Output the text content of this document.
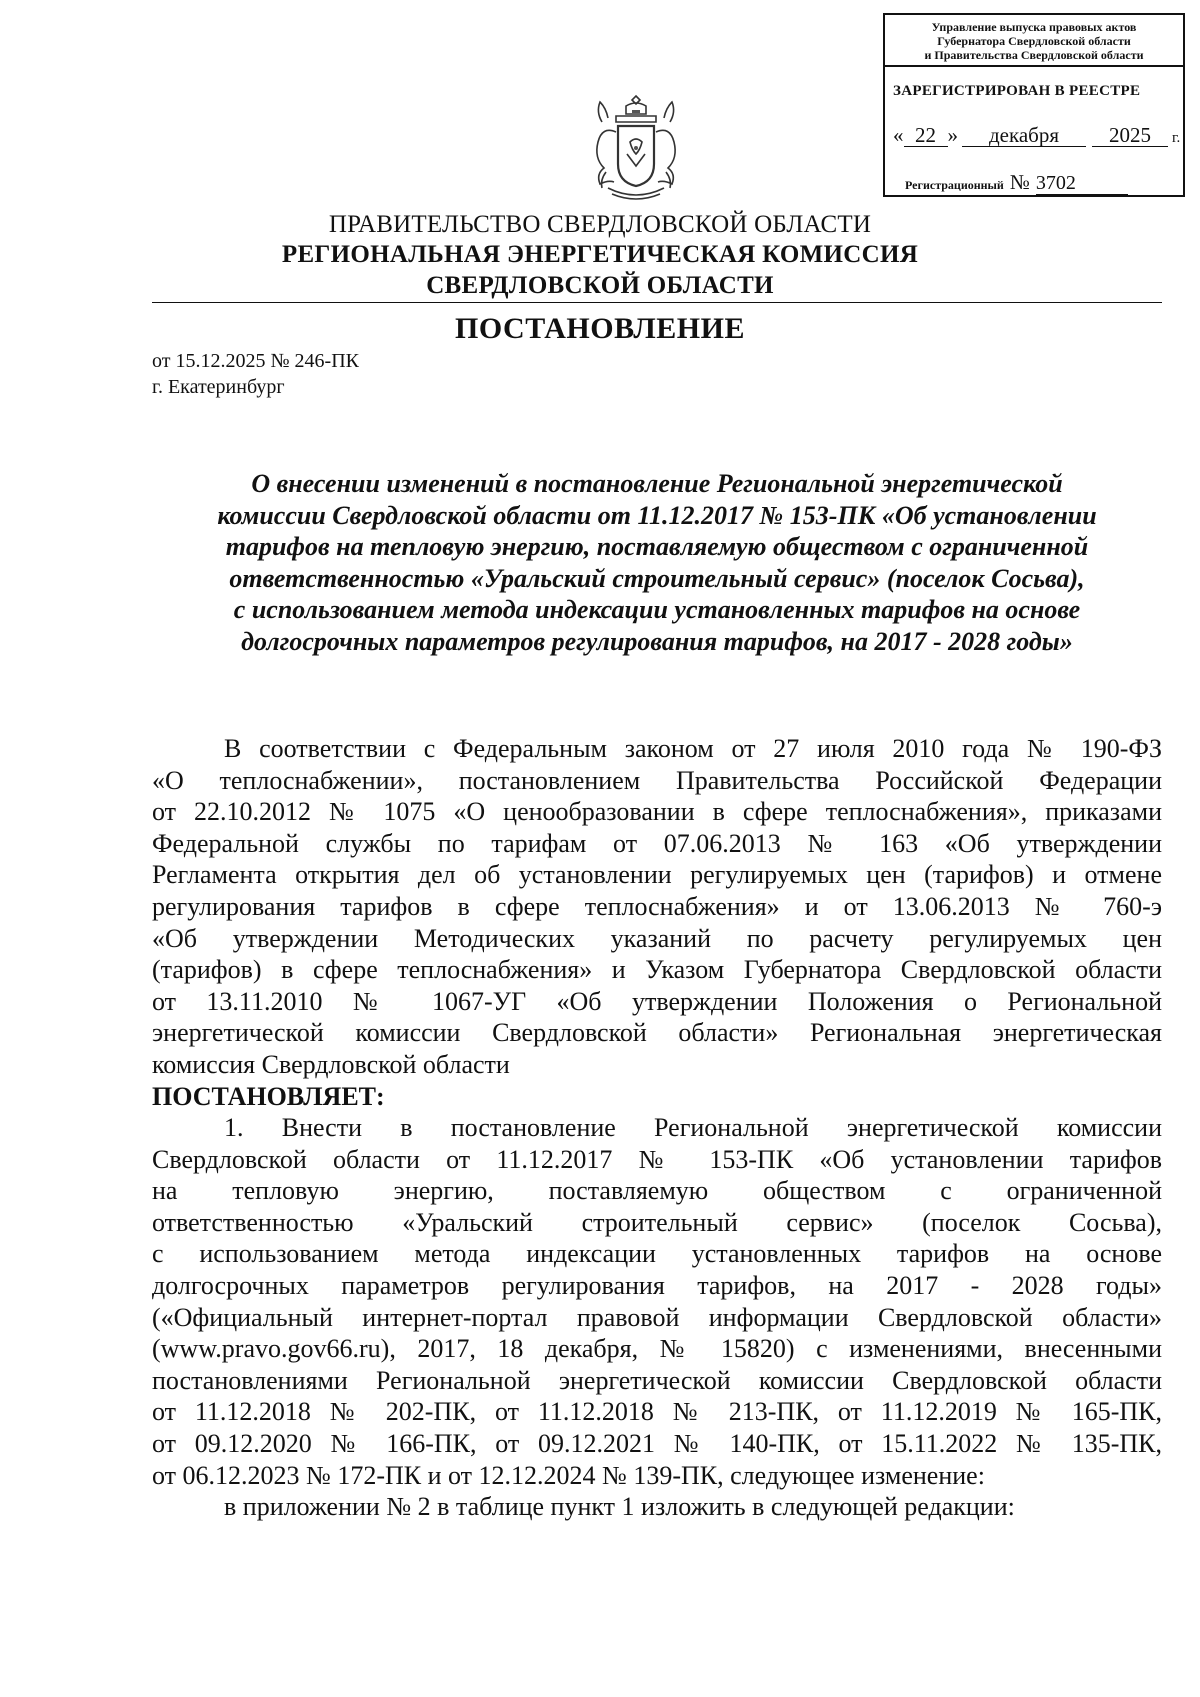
Управление выпуска правовых актов
Губернатора Свердловской области
и Правительства Свердловской области
ЗАРЕГИСТРИРОВАН В РЕЕСТРЕ
« 22 » декабря 2025 г.
Регистрационный № 3702
ПРАВИТЕЛЬСТВО СВЕРДЛОВСКОЙ ОБЛАСТИ
РЕГИОНАЛЬНАЯ ЭНЕРГЕТИЧЕСКАЯ КОМИССИЯ
СВЕРДЛОВСКОЙ ОБЛАСТИ
ПОСТАНОВЛЕНИЕ
от 15.12.2025 № 246-ПК
г. Екатеринбург
О внесении изменений в постановление Региональной энергетической
комиссии Свердловской области от 11.12.2017 № 153-ПК «Об установлении
тарифов на тепловую энергию, поставляемую обществом с ограниченной
ответственностью «Уральский строительный сервис» (поселок Сосьва),
с использованием метода индексации установленных тарифов на основе
долгосрочных параметров регулирования тарифов, на 2017 - 2028 годы»
В соответствии с Федеральным законом от 27 июля 2010 года № 190-ФЗ
«О теплоснабжении», постановлением Правительства Российской Федерации
от 22.10.2012 № 1075 «О ценообразовании в сфере теплоснабжения», приказами
Федеральной службы по тарифам от 07.06.2013 № 163 «Об утверждении
Регламента открытия дел об установлении регулируемых цен (тарифов) и отмене
регулирования тарифов в сфере теплоснабжения» и от 13.06.2013 № 760-э
«Об утверждении Методических указаний по расчету регулируемых цен
(тарифов) в сфере теплоснабжения» и Указом Губернатора Свердловской области
от 13.11.2010 № 1067-УГ «Об утверждении Положения о Региональной
энергетической комиссии Свердловской области» Региональная энергетическая
комиссия Свердловской области
ПОСТАНОВЛЯЕТ:
1. Внести в постановление Региональной энергетической комиссии
Свердловской области от 11.12.2017 № 153-ПК «Об установлении тарифов
на тепловую энергию, поставляемую обществом с ограниченной
ответственностью «Уральский строительный сервис» (поселок Сосьва),
с использованием метода индексации установленных тарифов на основе
долгосрочных параметров регулирования тарифов, на 2017 - 2028 годы»
(«Официальный интернет-портал правовой информации Свердловской области»
(www.pravo.gov66.ru), 2017, 18 декабря, № 15820) с изменениями, внесенными
постановлениями Региональной энергетической комиссии Свердловской области
от 11.12.2018 № 202-ПК, от 11.12.2018 № 213-ПК, от 11.12.2019 № 165-ПК,
от 09.12.2020 № 166-ПК, от 09.12.2021 № 140-ПК, от 15.11.2022 № 135-ПК,
от 06.12.2023 № 172-ПК и от 12.12.2024 № 139-ПК, следующее изменение:
в приложении № 2 в таблице пункт 1 изложить в следующей редакции:
